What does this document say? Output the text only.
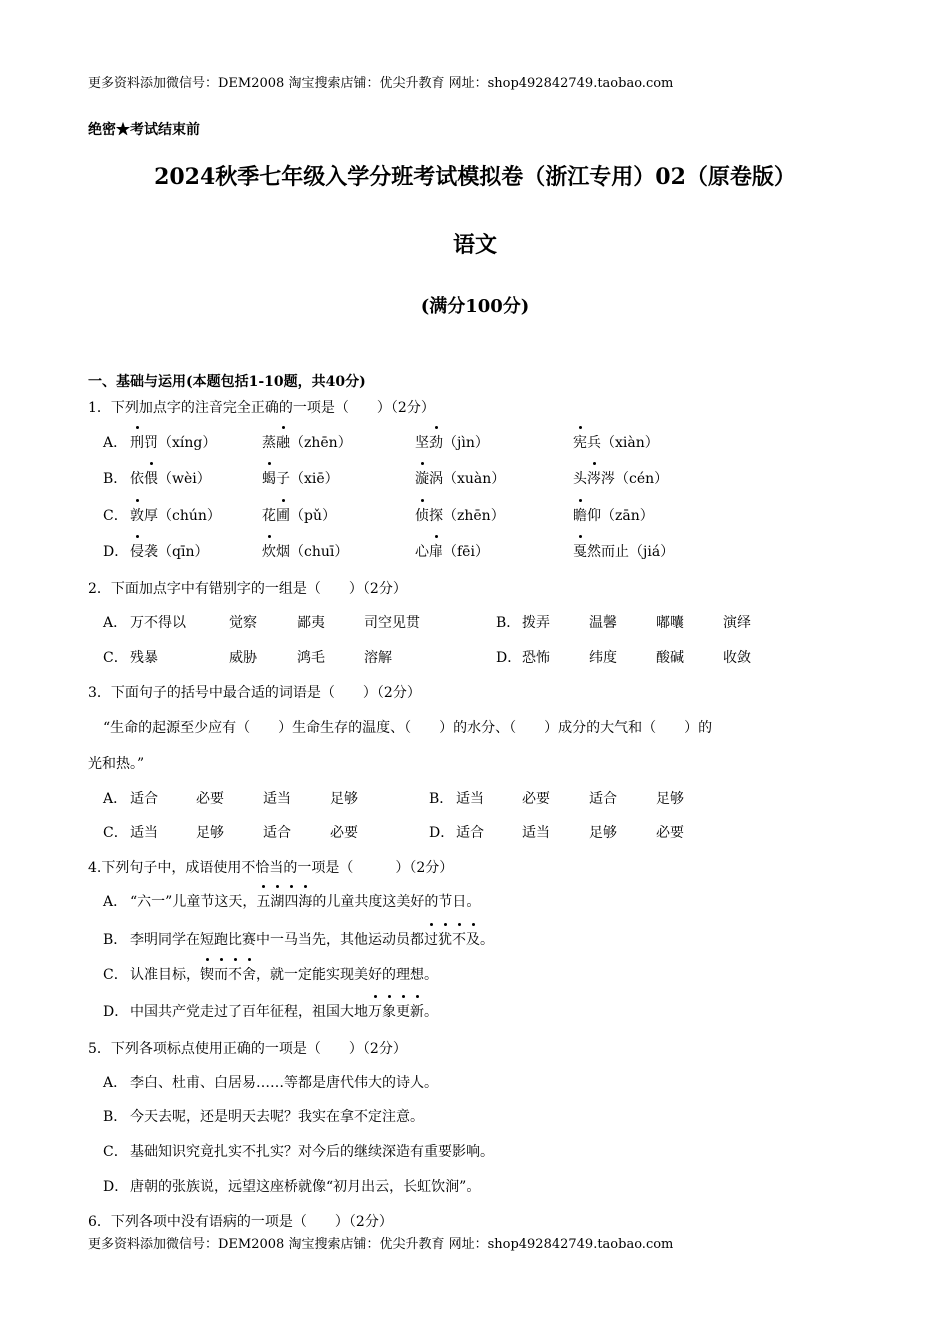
更多资料添加微信号：DEM2008 淘宝搜索店铺：优尖升教育 网址：shop492842749.taobao.com
绝密★考试结束前
2024秋季七年级入学分班考试模拟卷（浙江专用）02（原卷版）
语文
(满分100分)
一、基础与运用(本题包括1-10题，共40分)
1．下列加点字的注音完全正确的一项是（　　）（2分）
A． 刑罚（xíng）	蒸融（zhēn）	坚劲（jìn）	宪兵（xiàn）
B． 依偎（wèi）	蝎子（xiē）	漩涡（xuàn）	头涔涔（cén）
C． 敦厚（chún）	花圃（pǔ）	侦探（zhēn）	瞻仰（zān）
D． 侵袭（qīn）	炊烟（chuī）	心扉（fēi）	戛然而止（jiá）
2．下面加点字中有错别字的一组是（　　）（2分）
A． 万不得以	觉察	鄙夷	司空见贯	B． 拨弄	温馨	嘟囔	演绎
C． 残暴	威胁	鸿毛	溶解	D． 恐怖	纬度	酸碱	收敛
3．下面句子的括号中最合适的词语是（　　）（2分）
“生命的起源至少应有（　　）生命生存的温度、（　　）的水分、（　　）成分的大气和（　　）的
光和热。”
A． 适合	必要	适当	足够	B． 适当	必要	适合	足够
C． 适当	足够	适合	必要	D． 适合	适当	足够	必要
4.下列句子中，成语使用不恰当的一项是（　　　）（2分）
A． “六一”儿童节这天，五湖四海的儿童共度这美好的节日。
B． 李明同学在短跑比赛中一马当先，其他运动员都过犹不及。
C． 认准目标，锲而不舍，就一定能实现美好的理想。
D． 中国共产党走过了百年征程，祖国大地万象更新。
5．下列各项标点使用正确的一项是（　　）（2分）
A． 李白、杜甫、白居易……等都是唐代伟大的诗人。
B． 今天去呢，还是明天去呢？我实在拿不定注意。
C． 基础知识究竟扎实不扎实？对今后的继续深造有重要影响。
D． 唐朝的张族说，远望这座桥就像“初月出云，长虹饮涧”。
6．下列各项中没有语病的一项是（　　）（2分）
更多资料添加微信号：DEM2008 淘宝搜索店铺：优尖升教育 网址：shop492842749.taobao.com
